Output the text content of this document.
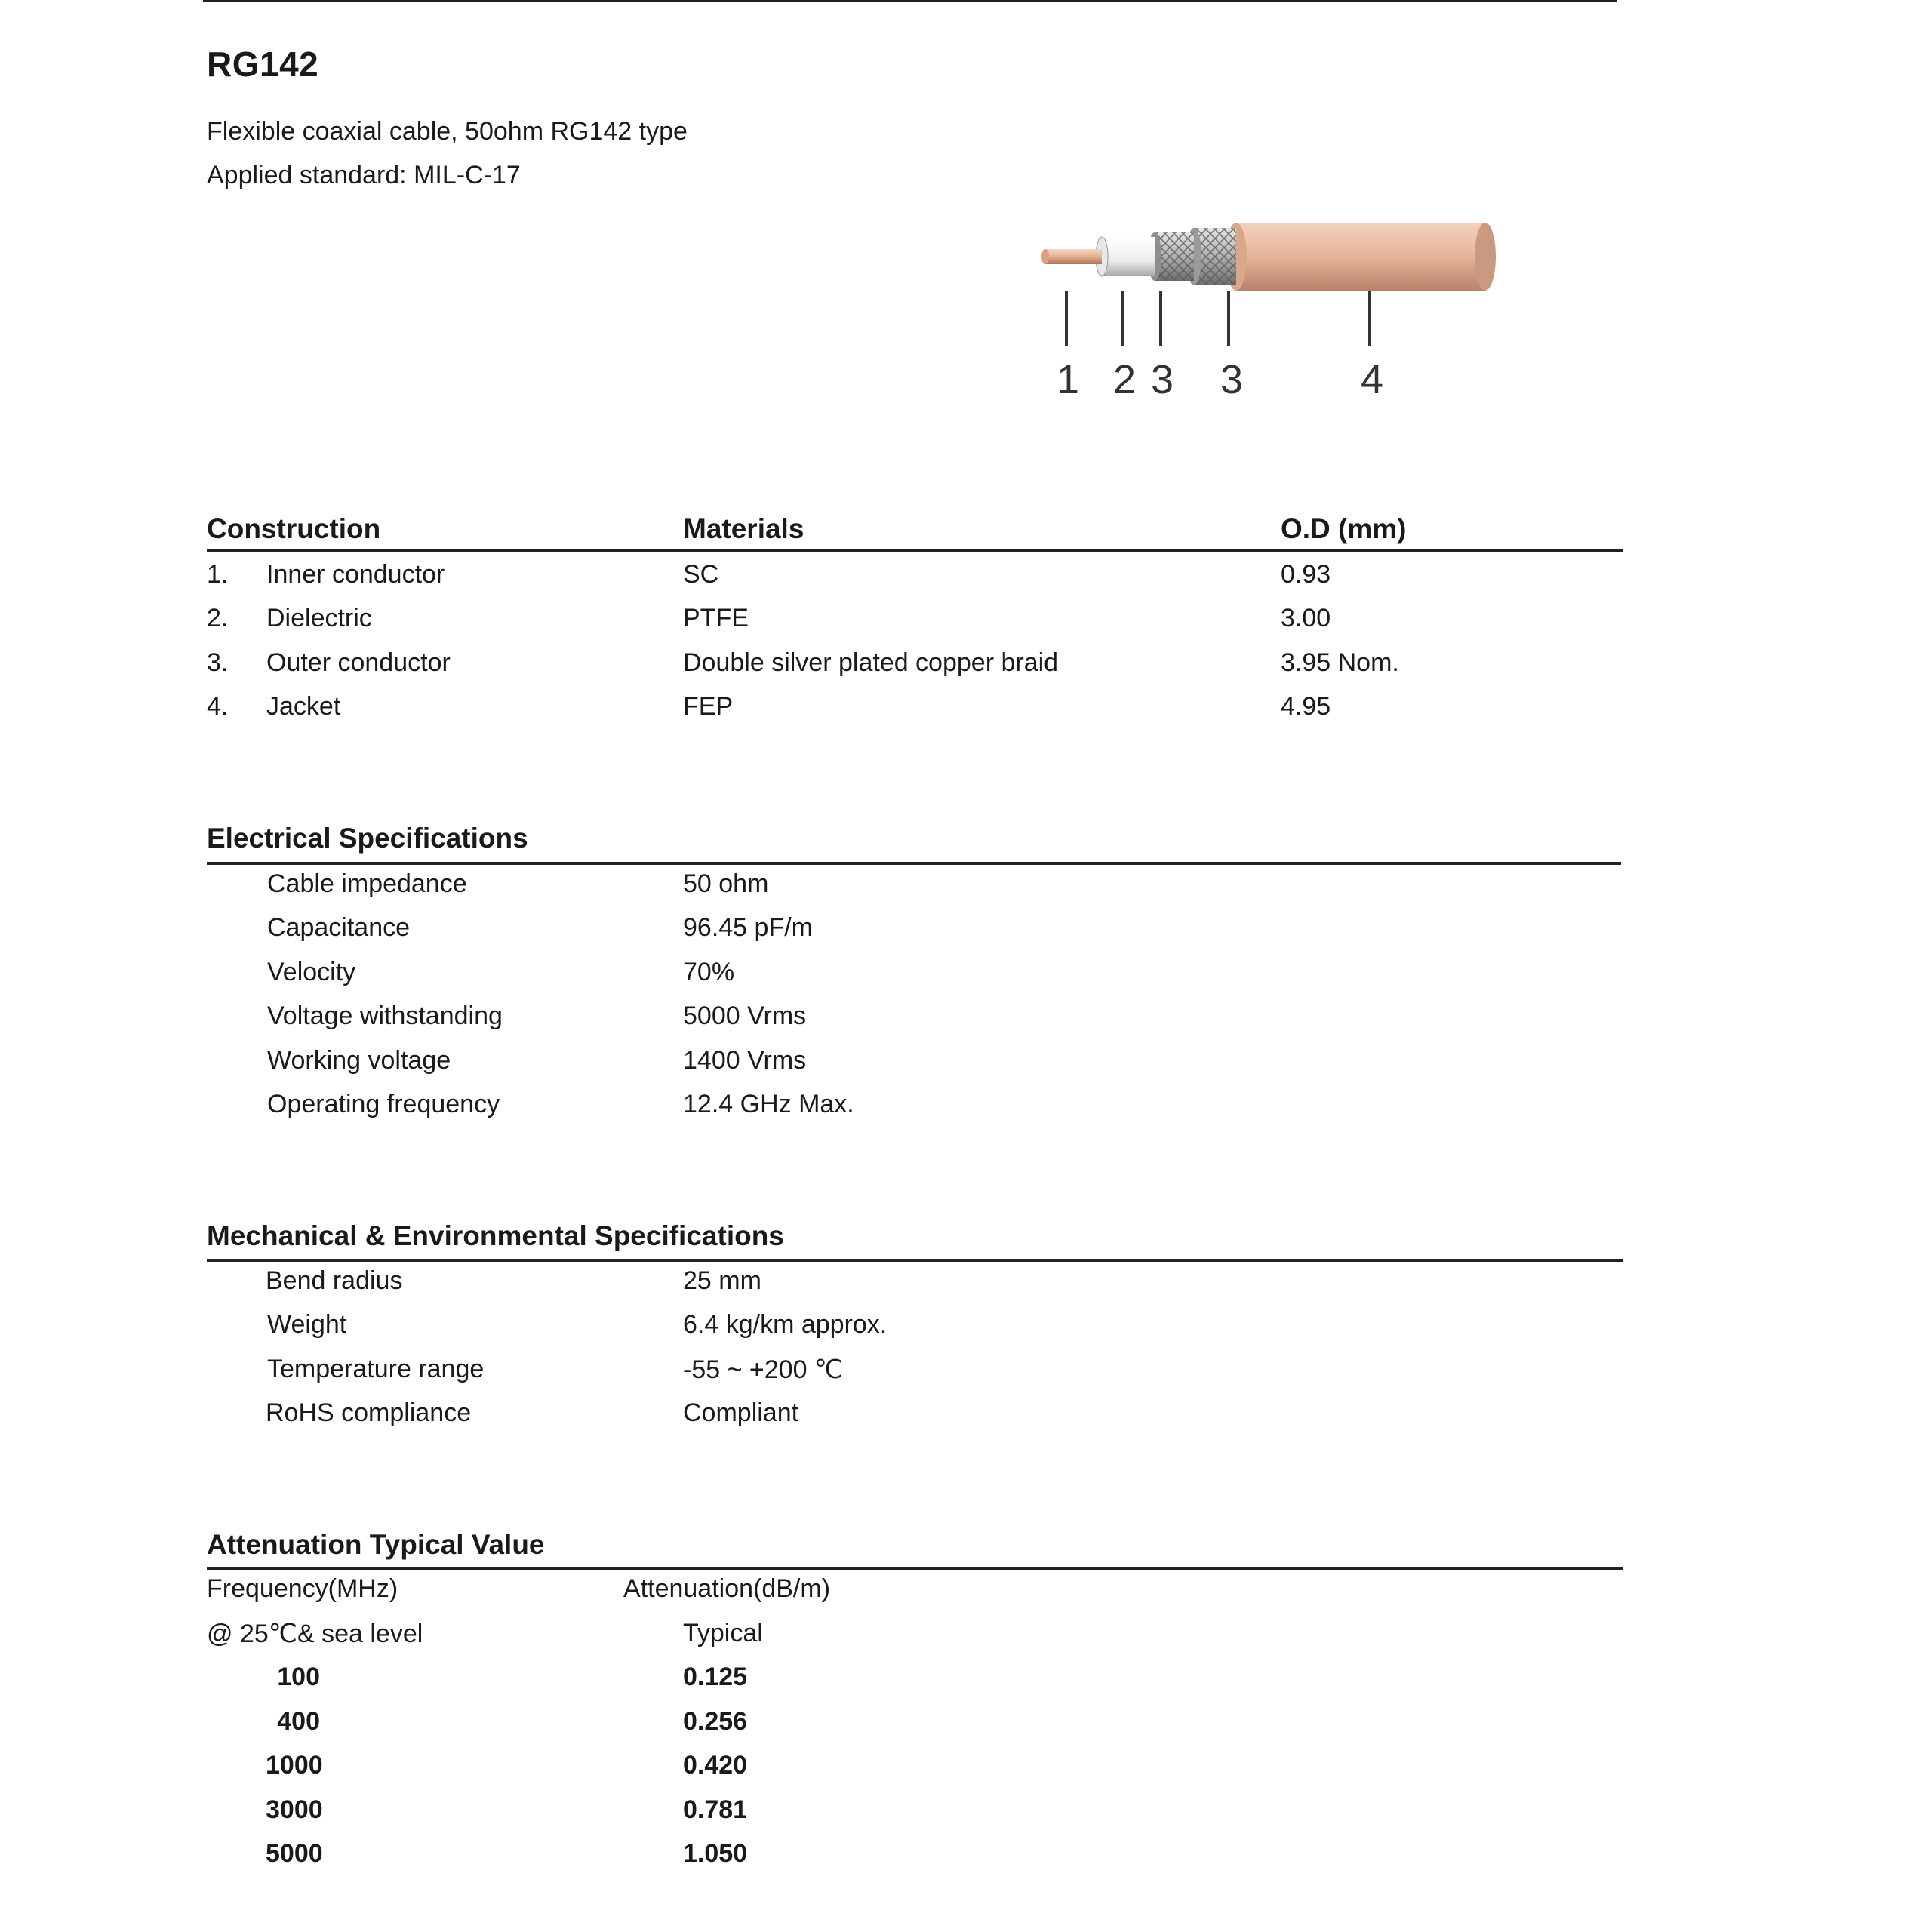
RG142
Flexible coaxial cable, 50ohm RG142 type
Applied standard: MIL-C-17
1 2 3 3	4
Construction	Materials	O.D (mm)
1. Inner conductor	SC	0.93
2. Dielectric	PTFE	3.00
3. Outer conductor	Double silver plated copper braid	3.95 Nom.
4. Jacket	FEP	4.95
Electrical Specifications
Cable impedance	50 ohm
Capacitance	96.45 pF/m
Velocity	70%
Voltage withstanding	5000 Vrms
Working voltage	1400 Vrms
Operating frequency	12.4 GHz Max.
Mechanical & Environmental Specifications
Bend radius	25 mm
Weight	6.4 kg/km approx.
Temperature range	-55 ~ +200 ℃
RoHS compliance	Compliant
Attenuation Typical Value
Frequency(MHz)	Attenuation(dB/m)
@ 25℃& sea level	Typical
100	0.125
400	0.256
1000	0.420
3000	0.781
5000	1.050
